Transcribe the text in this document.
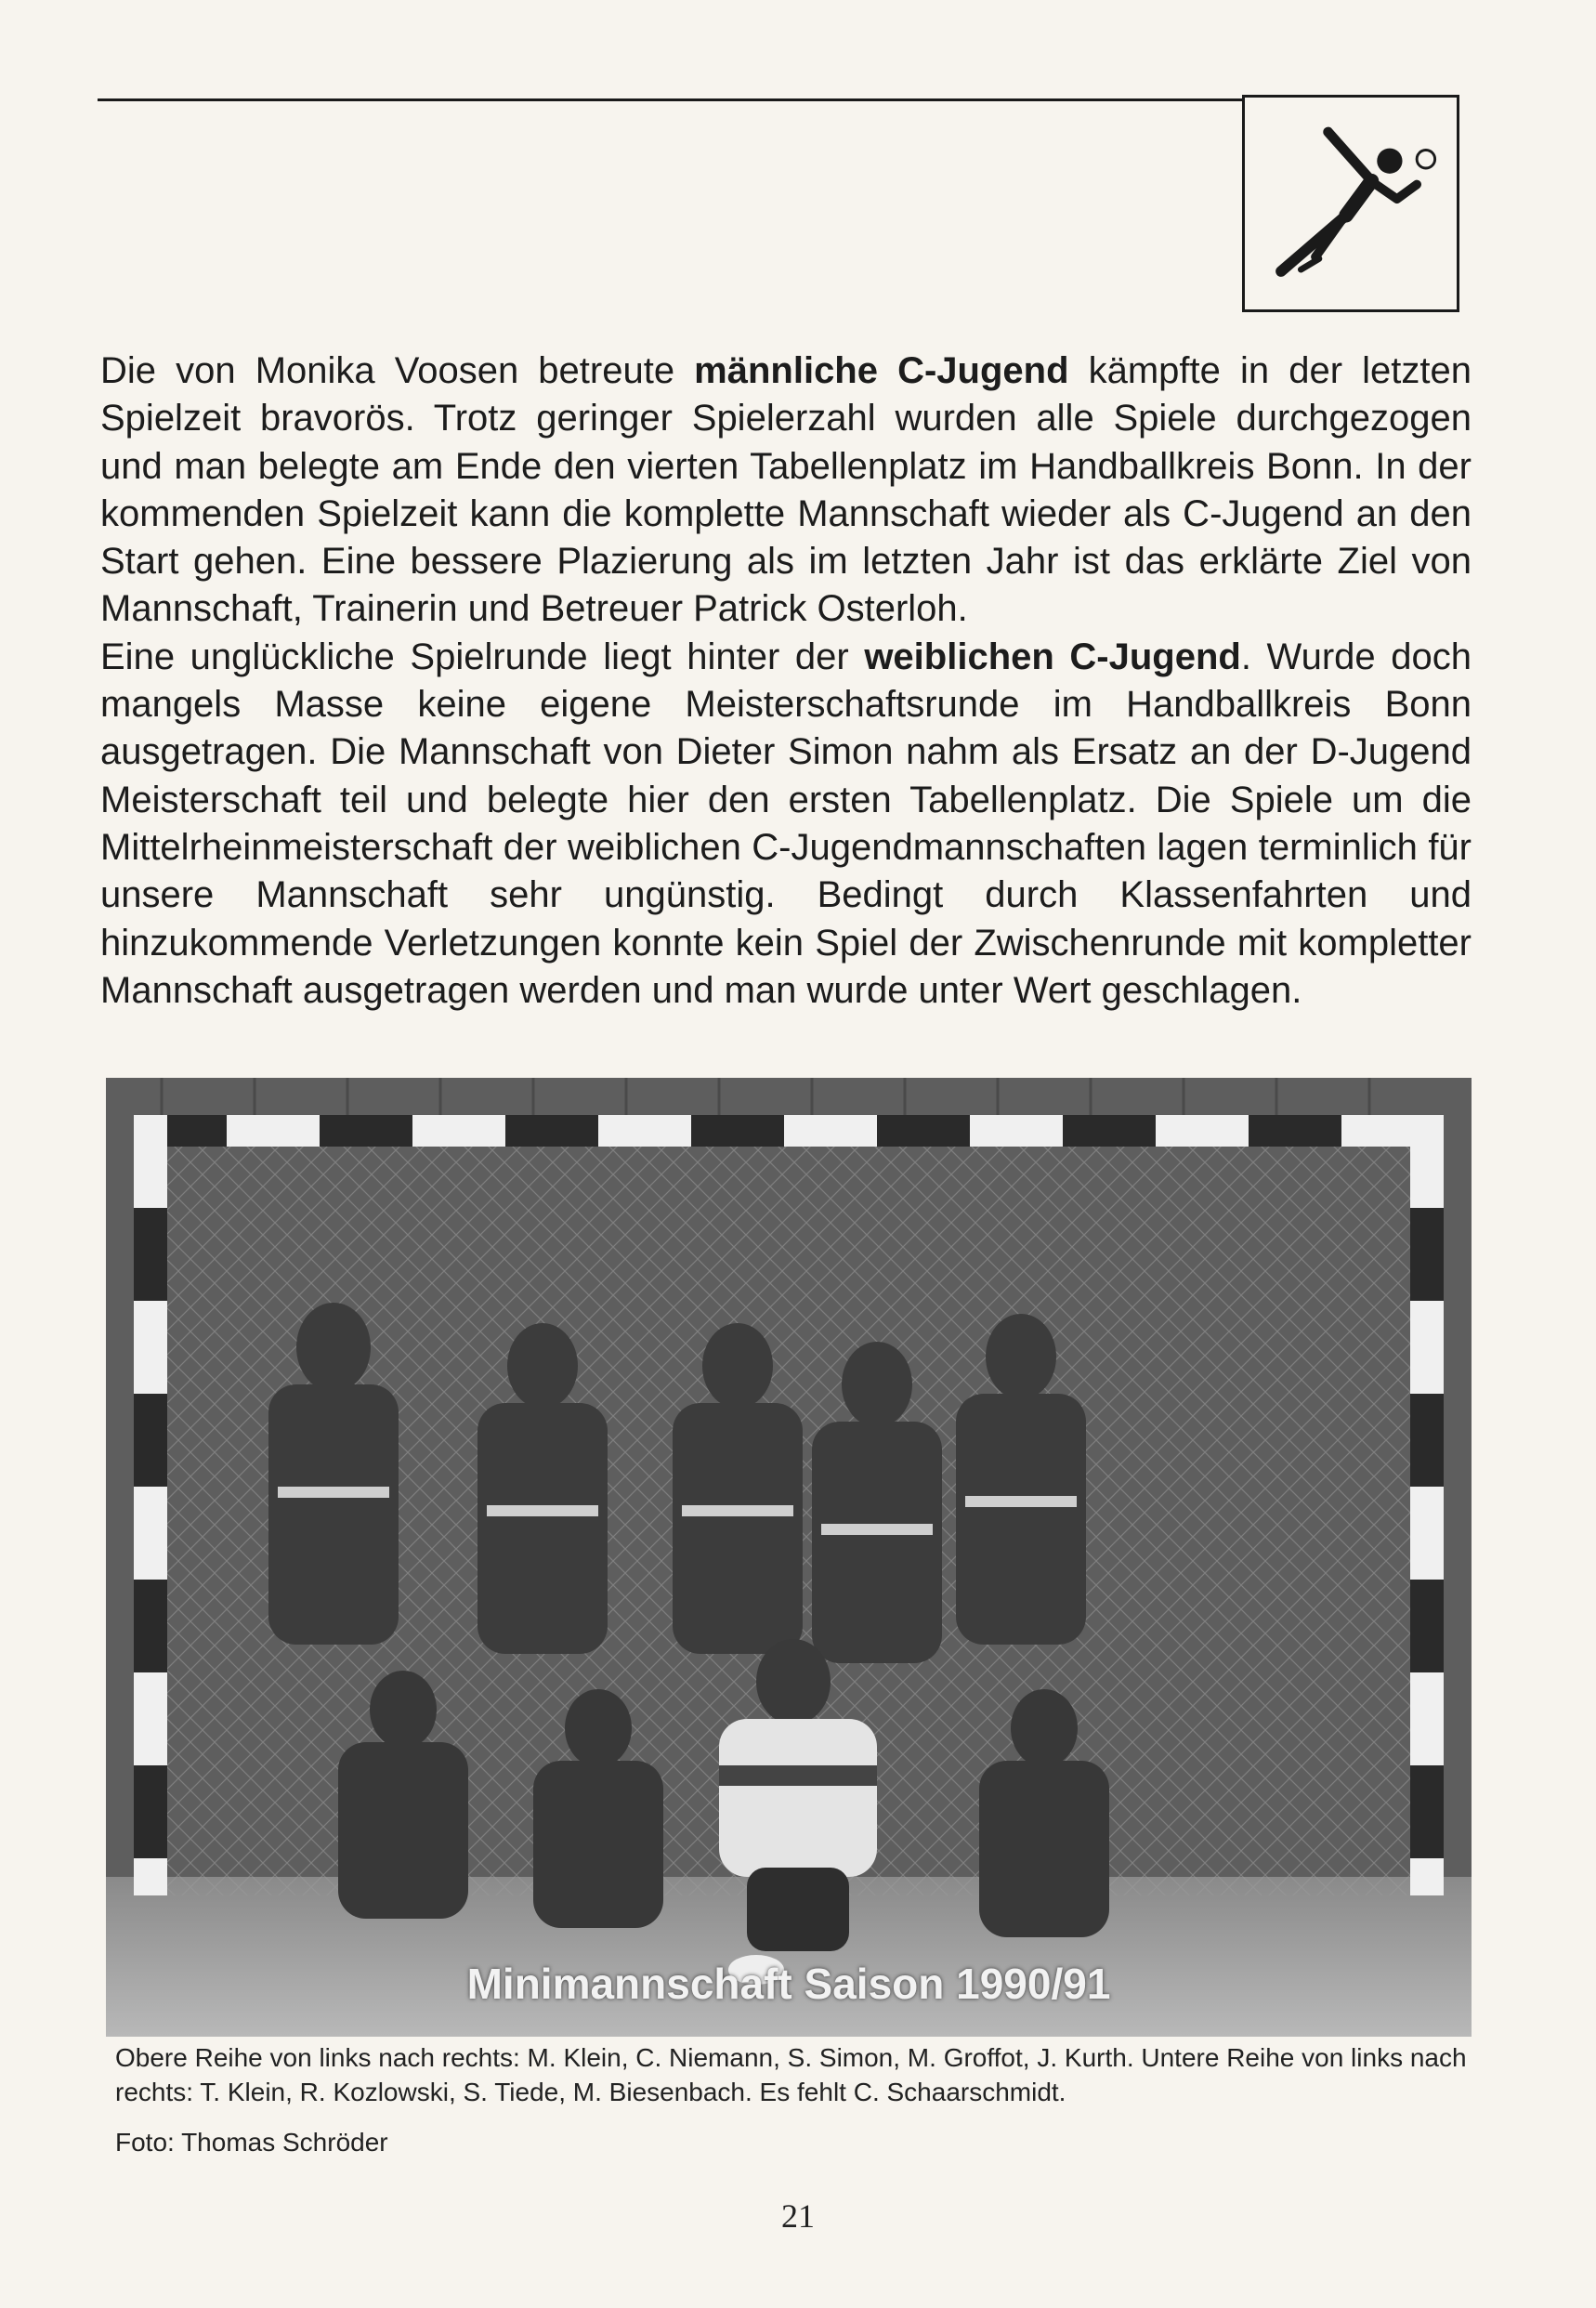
Die von Monika Voosen betreute männliche C-Jugend kämpfte in der letzten Spielzeit bravorös. Trotz geringer Spielerzahl wurden alle Spiele durchgezogen und man belegte am Ende den vierten Tabellenplatz im Handballkreis Bonn. In der kommenden Spielzeit kann die komplette Mannschaft wieder als C-Jugend an den Start gehen. Eine bessere Plazierung als im letzten Jahr ist das erklärte Ziel von Mannschaft, Trainerin und Betreuer Patrick Osterloh.

Eine unglückliche Spielrunde liegt hinter der weiblichen C-Jugend. Wurde doch mangels Masse keine eigene Meisterschaftsrunde im Handballkreis Bonn ausgetragen. Die Mannschaft von Dieter Simon nahm als Ersatz an der D-Jugend Meisterschaft teil und belegte hier den ersten Tabellenplatz. Die Spiele um die Mittelrheinmeisterschaft der weiblichen C-Jugendmannschaften lagen terminlich für unsere Mannschaft sehr ungünstig. Bedingt durch Klassenfahrten und hinzukommende Verletzungen konnte kein Spiel der Zwischenrunde mit kompletter Mannschaft ausgetragen werden und man wurde unter Wert geschlagen.

Minimannschaft Saison 1990/91

Obere Reihe von links nach rechts: M. Klein, C. Niemann, S. Simon, M. Groffot, J. Kurth. Untere Reihe von links nach rechts: T. Klein, R. Kozlowski, S. Tiede, M. Biesenbach. Es fehlt C. Schaarschmidt.

Foto: Thomas Schröder
21
